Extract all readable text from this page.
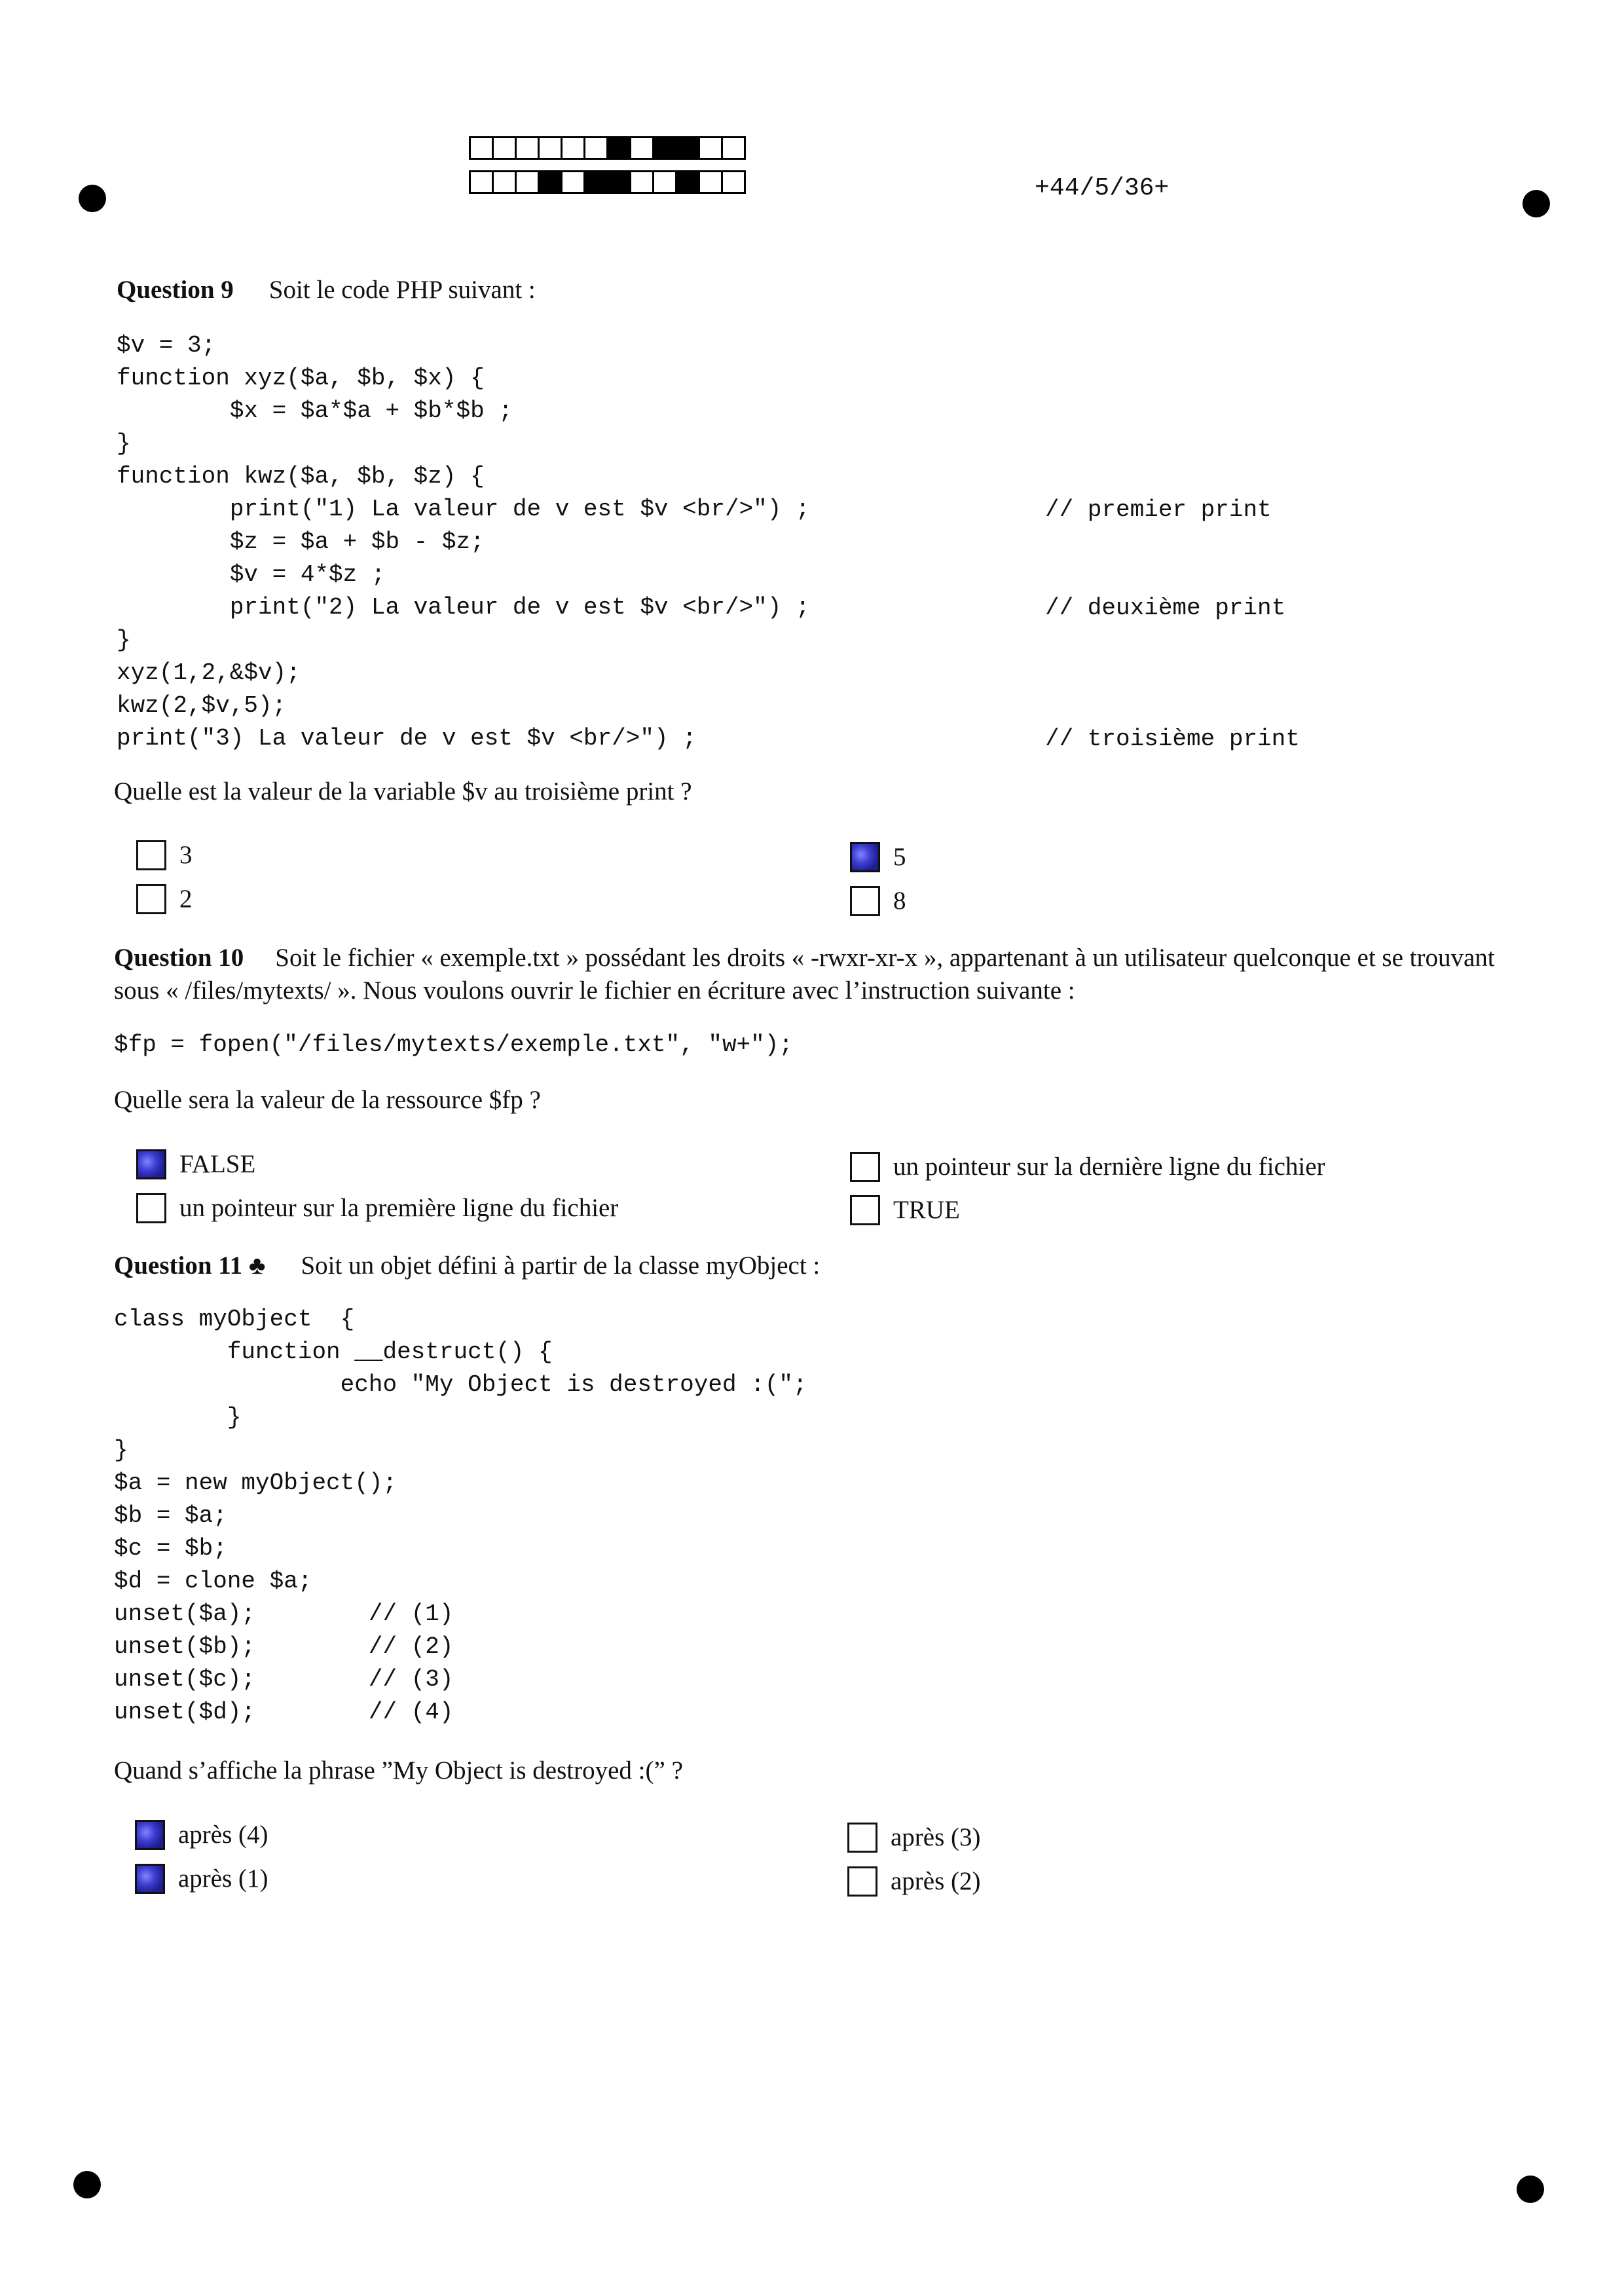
+44/5/36+
Question 9 Soit le code PHP suivant :
$v = 3;
function xyz($a, $b, $x) {
$x = $a*$a + $b*$b ;
}
function kwz($a, $b, $z) {
print("1) La valeur de v est $v <br/>") ;
$z = $a + $b - $z;
$v = 4*$z ;
print("2) La valeur de v est $v <br/>") ;
}
xyz(1,2,&$v);
kwz(2,$v,5);
print("3) La valeur de v est $v <br/>") ;
// premier print
// deuxième print
// troisième print
Quelle est la valeur de la variable $v au troisième print ?
3
2
5
8
Question 10 Soit le fichier « exemple.txt » possédant les droits « -rwxr-xr-x », appartenant à un utilisateur quelconque et se trouvant sous « /files/mytexts/ ». Nous voulons ouvrir le fichier en écriture avec l’instruction suivante :
$fp = fopen("/files/mytexts/exemple.txt", "w+");
Quelle sera la valeur de la ressource $fp ?
FALSE
un pointeur sur la première ligne du fichier
un pointeur sur la dernière ligne du fichier
TRUE
Question 11 ♣ Soit un objet défini à partir de la classe myObject :
class myObject  {
function __destruct() {
echo "My Object is destroyed :(";
}
}
$a = new myObject();
$b = $a;
$c = $b;
$d = clone $a;
unset($a);        // (1)
unset($b);        // (2)
unset($c);        // (3)
unset($d);        // (4)
Quand s’affiche la phrase ”My Object is destroyed :(” ?
après (4)
après (1)
après (3)
après (2)
